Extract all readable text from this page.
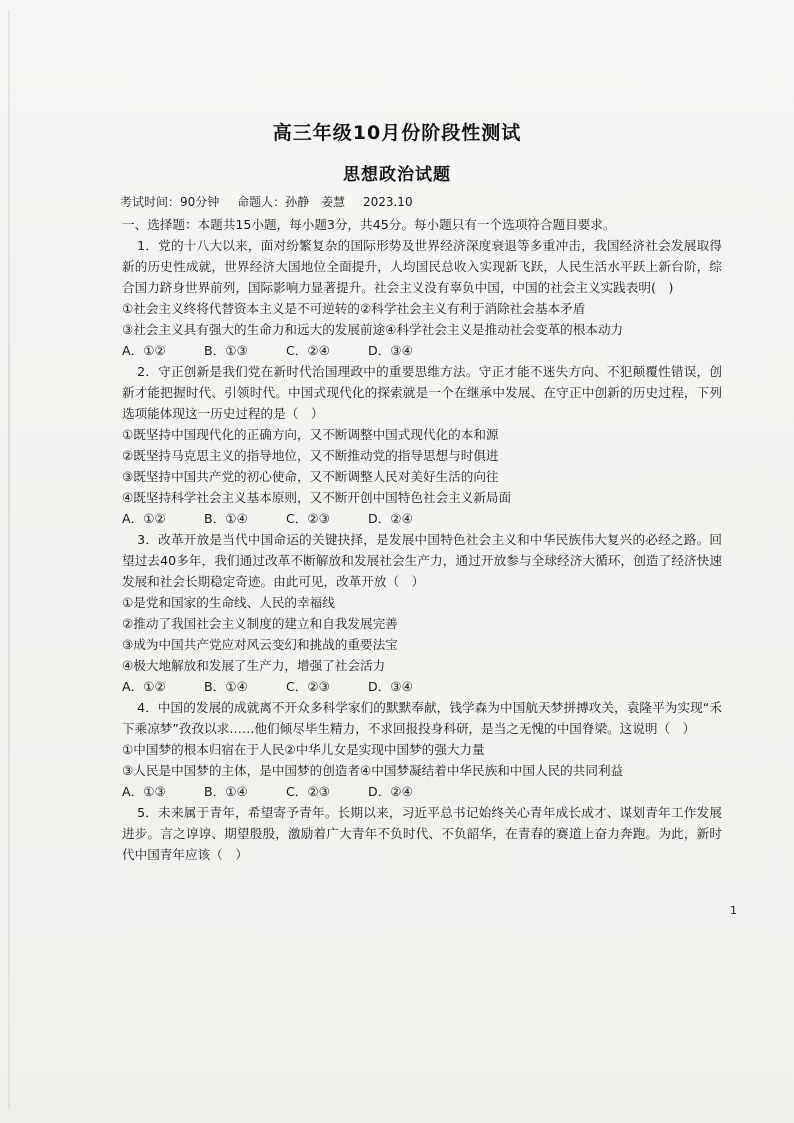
高三年级10月份阶段性测试
思想政治试题
考试时间：90分钟 命题人：孙静　姜慧 2023.10
一、选择题：本题共15小题，每小题3分，共45分。每小题只有一个选项符合题目要求。
1．党的十八大以来，面对纷繁复杂的国际形势及世界经济深度衰退等多重冲击，我国经济社会发展取得新的历史性成就，世界经济大国地位全面提升，人均国民总收入实现新飞跃，人民生活水平跃上新台阶，综合国力跻身世界前列，国际影响力显著提升。社会主义没有辜负中国，中国的社会主义实践表明(　)
①社会主义终将代替资本主义是不可逆转的②科学社会主义有利于消除社会基本矛盾
③社会主义具有强大的生命力和远大的发展前途④科学社会主义是推动社会变革的根本动力
A．①②	B．①③	C．②④	D．③④
2．守正创新是我们党在新时代治国理政中的重要思维方法。守正才能不迷失方向、不犯颠覆性错误，创新才能把握时代、引领时代。中国式现代化的探索就是一个在继承中发展、在守正中创新的历史过程，下列选项能体现这一历史过程的是（　）
①既坚持中国现代化的正确方向，又不断调整中国式现代化的本和源
②既坚持马克思主义的指导地位，又不断推动党的指导思想与时俱进
③既坚持中国共产党的初心使命，又不断调整人民对美好生活的向往
④既坚持科学社会主义基本原则，又不断开创中国特色社会主义新局面
A．①②	B．①④	C．②③	D．②④
3．改革开放是当代中国命运的关键抉择，是发展中国特色社会主义和中华民族伟大复兴的必经之路。回望过去40多年，我们通过改革不断解放和发展社会生产力，通过开放参与全球经济大循环，创造了经济快速发展和社会长期稳定奇迹。由此可见，改革开放（　）
①是党和国家的生命线、人民的幸福线
②推动了我国社会主义制度的建立和自我发展完善
③成为中国共产党应对风云变幻和挑战的重要法宝
④极大地解放和发展了生产力，增强了社会活力
A．①②	B．①④	C．②③	D．③④
4．中国的发展的成就离不开众多科学家们的默默奉献，钱学森为中国航天梦拼搏攻关，袁隆平为实现“禾下乘凉梦”孜孜以求……他们倾尽毕生精力，不求回报投身科研，是当之无愧的中国脊梁。这说明（　）
①中国梦的根本归宿在于人民②中华儿女是实现中国梦的强大力量
③人民是中国梦的主体，是中国梦的创造者④中国梦凝结着中华民族和中国人民的共同利益
A．①③	B．①④	C．②③	D．②④
5．未来属于青年，希望寄予青年。长期以来，习近平总书记始终关心青年成长成才、谋划青年工作发展进步。言之谆谆、期望殷殷，激励着广大青年不负时代、不负韶华，在青春的赛道上奋力奔跑。为此，新时代中国青年应该（　）
1
